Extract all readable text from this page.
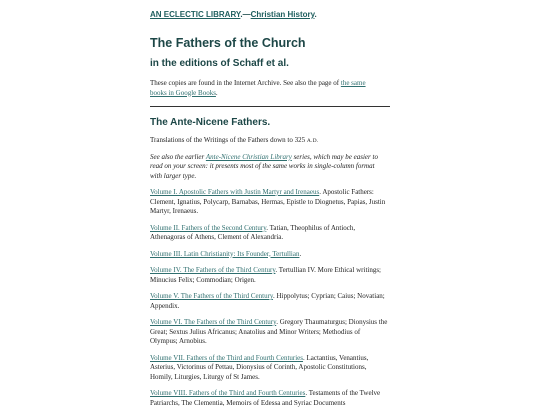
AN ECLECTIC LIBRARY.—Christian History.
The Fathers of the Church
in the editions of Schaff et al.

These copies are found in the Internet Archive. See also the page of the same books in Google Books.

The Ante-Nicene Fathers.

Translations of the Writings of the Fathers down to 325 A.D.

See also the earlier Ante-Nicene Christian Library series, which may be easier to read on your screen: it presents most of the same works in single-column format with larger type.

Volume I. Apostolic Fathers with Justin Martyr and Irenaeus. Apostolic Fathers: Clement, Ignatius, Polycarp, Barnabas, Hermas, Epistle to Diognetus, Papias, Justin Martyr, Irenaeus.

Volume II. Fathers of the Second Century. Tatian, Theophilus of Antioch, Athenagoras of Athens, Clement of Alexandria.

Volume III. Latin Christianity: Its Founder, Tertullian.

Volume IV. The Fathers of the Third Century. Tertullian IV. More Ethical writings; Minucius Felix; Commodian; Origen.

Volume V. The Fathers of the Third Century. Hippolytus; Cyprian; Caius; Novatian; Appendix.

Volume VI. The Fathers of the Third Century. Gregory Thaumaturgus; Dionysius the Great; Sextus Julius Africanus; Anatolius and Minor Writers; Methodius of Olympus; Arnobius.

Volume VII. Fathers of the Third and Fourth Centuries. Lactantius, Venantius, Asterius, Victorinus of Pettau, Dionysius of Corinth, Apostolic Constitutions, Homily, Liturgies, Liturgy of St James.

Volume VIII. Fathers of the Third and Fourth Centuries. Testaments of the Twelve Patriarchs, The Clementia, Memoirs of Edessa and Syriac Documents
